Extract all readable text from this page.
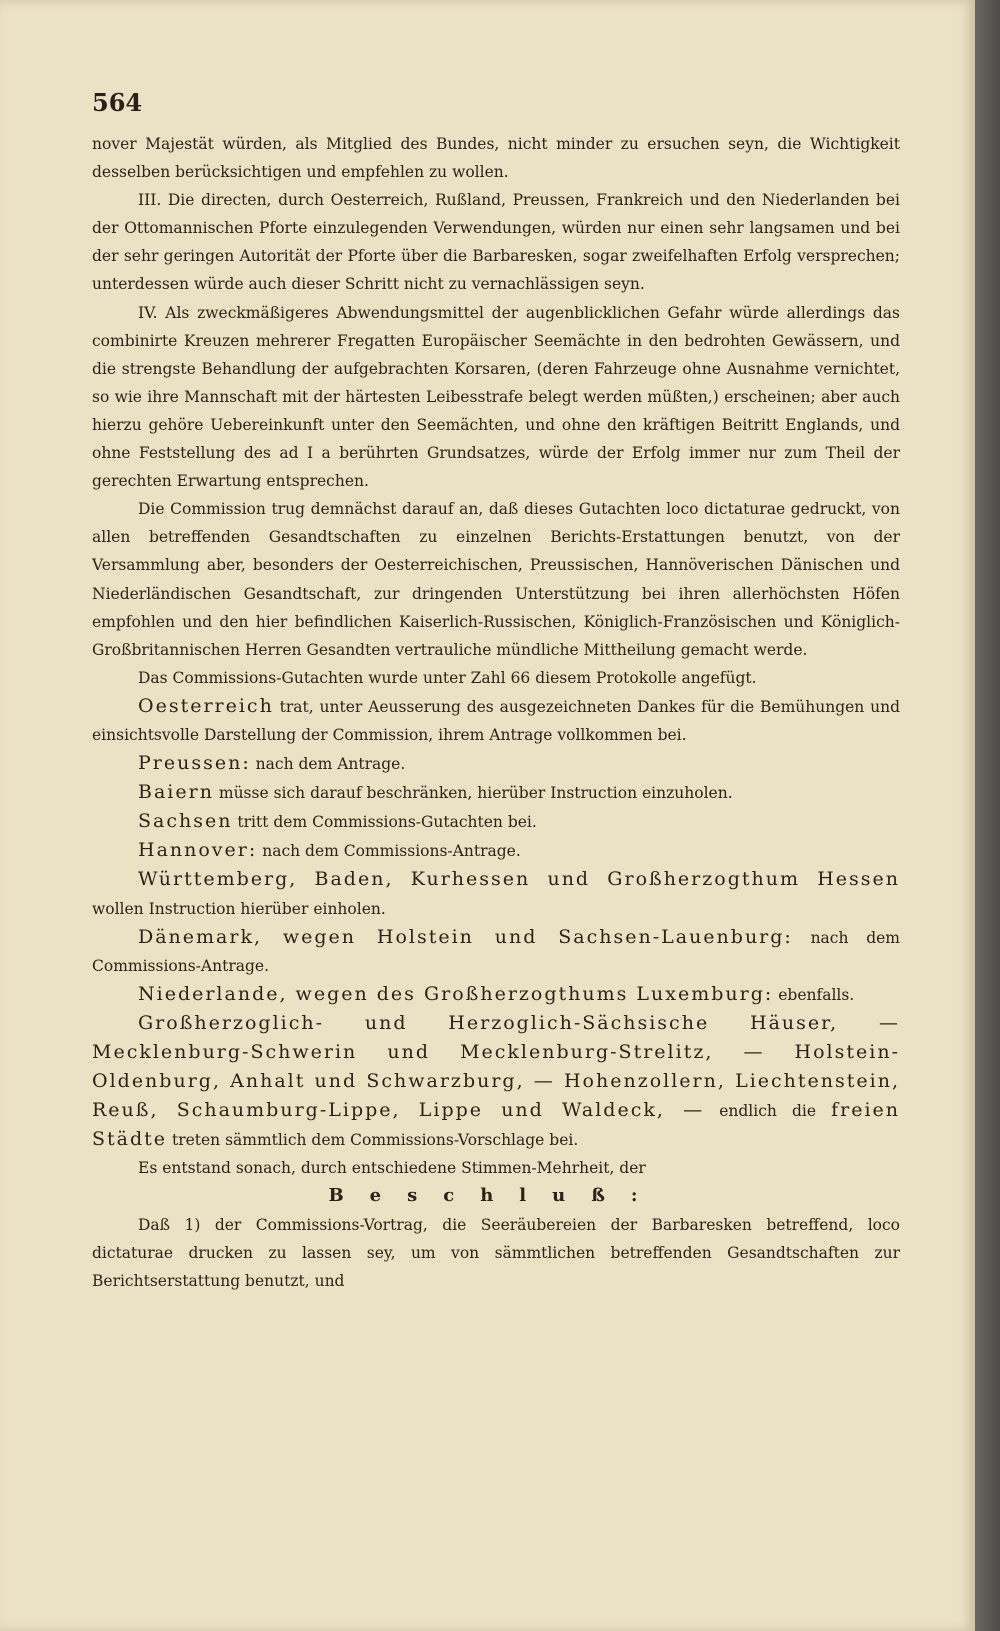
564

nover Majestät würden, als Mitglied des Bundes, nicht minder zu ersuchen seyn, die Wichtigkeit desselben berücksichtigen und empfehlen zu wollen.

III. Die directen, durch Oesterreich, Rußland, Preussen, Frankreich und den Niederlanden bei der Ottomannischen Pforte einzulegenden Verwendungen, würden nur einen sehr langsamen und bei der sehr geringen Autorität der Pforte über die Barbaresken, sogar zweifelhaften Erfolg versprechen; unterdessen würde auch dieser Schritt nicht zu vernachlässigen seyn.

IV. Als zweckmäßigeres Abwendungsmittel der augenblicklichen Gefahr würde allerdings das combinirte Kreuzen mehrerer Fregatten Europäischer Seemächte in den bedrohten Gewässern, und die strengste Behandlung der aufgebrachten Korsaren, (deren Fahrzeuge ohne Ausnahme vernichtet, so wie ihre Mannschaft mit der härtesten Leibesstrafe belegt werden müßten,) erscheinen; aber auch hierzu gehöre Uebereinkunft unter den Seemächten, und ohne den kräftigen Beitritt Englands, und ohne Feststellung des ad I a berührten Grundsatzes, würde der Erfolg immer nur zum Theil der gerechten Erwartung entsprechen.

Die Commission trug demnächst darauf an, daß dieses Gutachten loco dictaturae gedruckt, von allen betreffenden Gesandtschaften zu einzelnen Berichts-Erstattungen benutzt, von der Versammlung aber, besonders der Oesterreichischen, Preussischen, Hannöverischen Dänischen und Niederländischen Gesandtschaft, zur dringenden Unterstützung bei ihren allerhöchsten Höfen empfohlen und den hier befindlichen Kaiserlich-Russischen, Königlich-Französischen und Königlich-Großbritannischen Herren Gesandten vertrauliche mündliche Mittheilung gemacht werde.

Das Commissions-Gutachten wurde unter Zahl 66 diesem Protokolle angefügt.

Oesterreich trat, unter Aeusserung des ausgezeichneten Dankes für die Bemühungen und einsichtsvolle Darstellung der Commission, ihrem Antrage vollkommen bei.

Preussen: nach dem Antrage.

Baiern müsse sich darauf beschränken, hierüber Instruction einzuholen.

Sachsen tritt dem Commissions-Gutachten bei.

Hannover: nach dem Commissions-Antrage.

Württemberg, Baden, Kurhessen und Großherzogthum Hessen wollen Instruction hierüber einholen.

Dänemark, wegen Holstein und Sachsen-Lauenburg: nach dem Commissions-Antrage.

Niederlande, wegen des Großherzogthums Luxemburg: ebenfalls.

Großherzoglich- und Herzoglich-Sächsische Häuser, — Mecklenburg-Schwerin und Mecklenburg-Strelitz, — Holstein-Oldenburg, Anhalt und Schwarzburg, — Hohenzollern, Liechtenstein, Reuß, Schaumburg-Lippe, Lippe und Waldeck, — endlich die freien Städte treten sämmtlich dem Commissions-Vorschlage bei.

Es entstand sonach, durch entschiedene Stimmen-Mehrheit, der

Beschluß:

Daß 1) der Commissions-Vortrag, die Seeräubereien der Barbaresken betreffend, loco dictaturae drucken zu lassen sey, um von sämmtlichen betreffenden Gesandtschaften zur Berichtserstattung benutzt, und
